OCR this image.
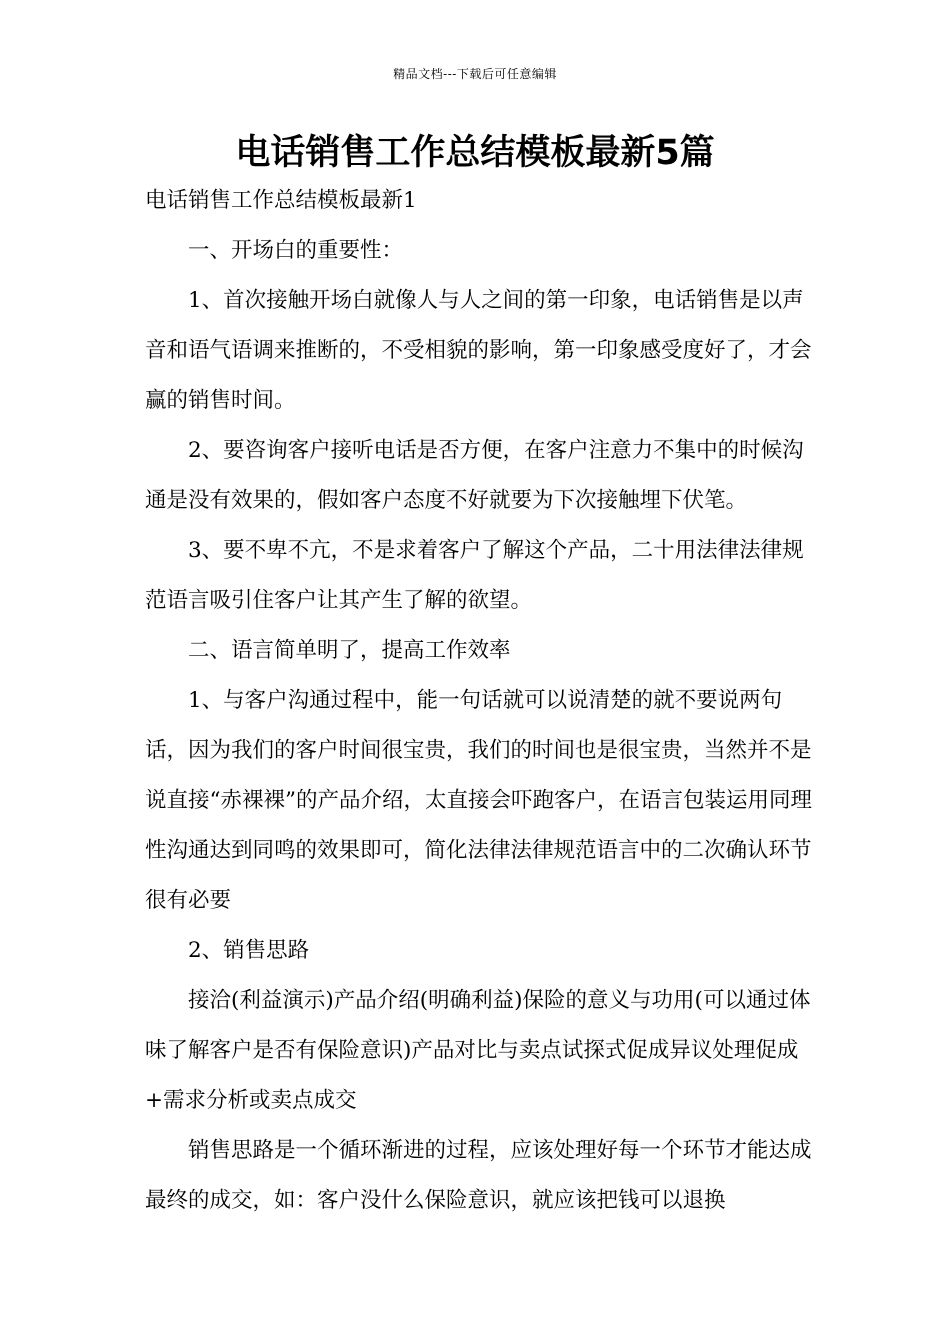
精品文档---下载后可任意编辑
电话销售工作总结模板最新5篇

电话销售工作总结模板最新1

一、开场白的重要性：

1、首次接触开场白就像人与人之间的第一印象，电话销售是以声音和语气语调来推断的，不受相貌的影响，第一印象感受度好了，才会赢的销售时间。

2、要咨询客户接听电话是否方便，在客户注意力不集中的时候沟通是没有效果的，假如客户态度不好就要为下次接触埋下伏笔。

3、要不卑不亢，不是求着客户了解这个产品，二十用法律法律规范语言吸引住客户让其产生了解的欲望。

二、语言简单明了，提高工作效率

1、与客户沟通过程中，能一句话就可以说清楚的就不要说两句话，因为我们的客户时间很宝贵，我们的时间也是很宝贵，当然并不是说直接“赤裸裸”的产品介绍，太直接会吓跑客户，在语言包装运用同理性沟通达到同鸣的效果即可，简化法律法律规范语言中的二次确认环节很有必要

2、销售思路

接洽(利益演示)产品介绍(明确利益)保险的意义与功用(可以通过体味了解客户是否有保险意识)产品对比与卖点试探式促成异议处理促成+需求分析或卖点成交

销售思路是一个循环渐进的过程，应该处理好每一个环节才能达成最终的成交，如：客户没什么保险意识，就应该把钱可以退换
